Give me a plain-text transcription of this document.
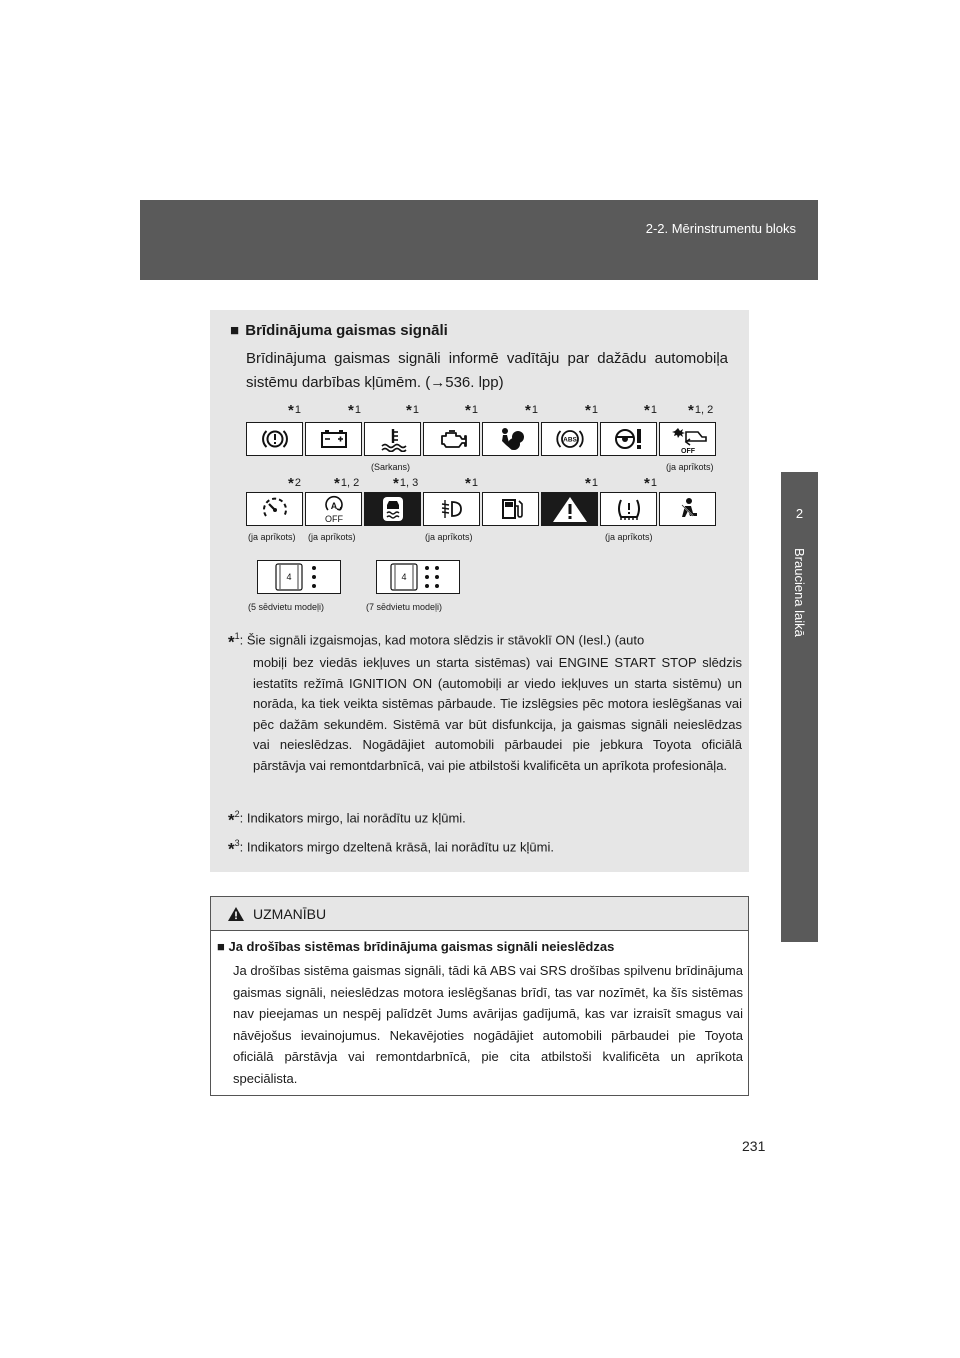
2-2. Mērinstrumentu bloks
2
Brauciena laikā
■ Brīdinājuma gaismas signāli
Brīdinājuma gaismas signāli informē vadītāju par dažādu automobiļa sistēmu darbības kļūmēm. (→536. lpp)
*1	*1	*1	*1	*1	*1	*1 *1, 2
ABS
OFF
(Sarkans)	(ja aprīkots)
*2 *1, 2 *1, 3	*1	*1	*1
A
OFF
(ja aprīkots) (ja aprīkots)	(ja aprīkots)	(ja aprīkots)
4	4
(5 sēdvietu modeļi)	(7 sēdvietu modeļi)
*$^1$: Šie signāli izgaismojas, kad motora slēdzis ir stāvoklī ON (Iesl.) (auto
mobiļi bez viedās iekļuves un starta sistēmas) vai ENGINE START STOP slēdzis iestatīts režīmā IGNITION ON (automobiļi ar viedo iekļuves un starta sistēmu) un norāda, ka tiek veikta sistēmas pārbaude. Tie izslēgsies pēc motora ieslēgšanas vai pēc dažām sekundēm. Sistēmā var būt disfunkcija, ja gaismas signāli neieslēdzas vai neieslēdzas. Nogādājiet automobili pārbaudei pie jebkura Toyota oficiālā pārstāvja vai remontdarbnīcā, vai pie atbilstoši kvalificēta un aprīkota profesionāļa.
*$^2$: Indikators mirgo, lai norādītu uz kļūmi.
*$^3$: Indikators mirgo dzeltenā krāsā, lai norādītu uz kļūmi.
UZMANĪBU
■ Ja drošības sistēmas brīdinājuma gaismas signāli neieslēdzas
Ja drošības sistēma gaismas signāli, tādi kā ABS vai SRS drošības spilvenu brīdinājuma gaismas signāli, neieslēdzas motora ieslēgšanas brīdī, tas var nozīmēt, ka šīs sistēmas nav pieejamas un nespēj palīdzēt Jums avārijas gadījumā, kas var izraisīt smagus vai nāvējošus ievainojumus. Nekavējoties nogādājiet automobili pārbaudei pie Toyota oficiālā pārstāvja vai remontdarbnīcā, pie cita atbilstoši kvalificēta un aprīkota speciālista.
231
